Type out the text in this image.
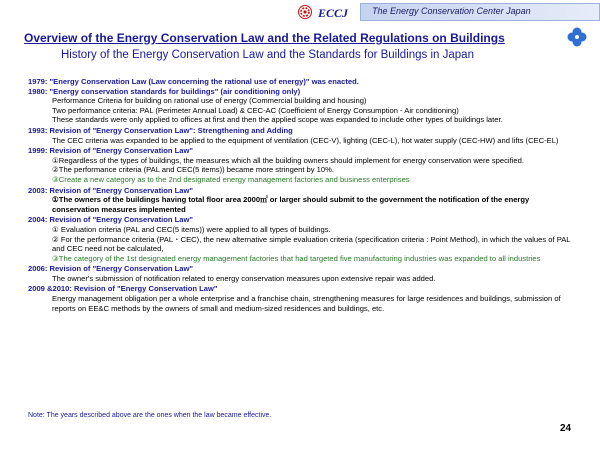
ECCJ	The Energy Conservation Center Japan
Overview of the Energy Conservation Law and the Related Regulations on Buildings
History of the Energy Conservation Law and the Standards for Buildings in Japan

1979: "Energy Conservation Law (Law concerning the rational use of energy)" was enacted.

1980: "Energy conservation standards for buildings" (air conditioning only)

Performance Criteria for building on rational use of energy (Commercial building and housing)

Two performance criteria: PAL (Perimeter Annual Load) & CEC-AC (Coefficient of Energy Consumption - Air conditioning)

These standards were only applied to offices at first and then the applied scope was expanded to include other types of buildings later.

1993: Revision of "Energy Conservation Law": Strengthening and Adding

The CEC criteria was expanded to be applied to the equipment of ventilation (CEC-V), lighting (CEC-L), hot water supply (CEC-HW) and lifts (CEC-EL)

1999: Revision of "Energy Conservation Law"

①Regardless of the types of buildings, the measures which all the building owners should implement for energy conservation were specified.

②The performance criteria (PAL and CEC(5 items)) became more stringent by 10%.

③Create a new category as to the 2nd designated energy management factories and business enterprises

2003: Revision of "Energy Conservation Law"

①The owners of the buildings having total floor area 2000㎡ or larger should submit to the government the notification of the energy conservation measures implemented

2004: Revision of "Energy Conservation Law"

① Evaluation criteria (PAL and CEC(5 items)) were applied to all types of buildings.

② For the performance criteria (PAL・CEC), the new alternative simple evaluation criteria (specification criteria : Point Method), in which the values of PAL and CEC need not be calculated,

③The category of the 1st designated energy management factories that had targeted five manufacturing industries was expanded to all industries

2006: Revision of "Energy Conservation Law"

The owner's submission of notification related to energy conservation measures upon extensive repair was added.

2009 &2010: Revision of "Energy Conservation Law"

Energy management obligation per a whole enterprise and a franchise chain, strengthening measures for large residences and buildings, submission of reports on EE&C methods by the owners of small and medium-sized residences and buildings, etc.

Note: The years described above are the ones when the law became effective.
24
